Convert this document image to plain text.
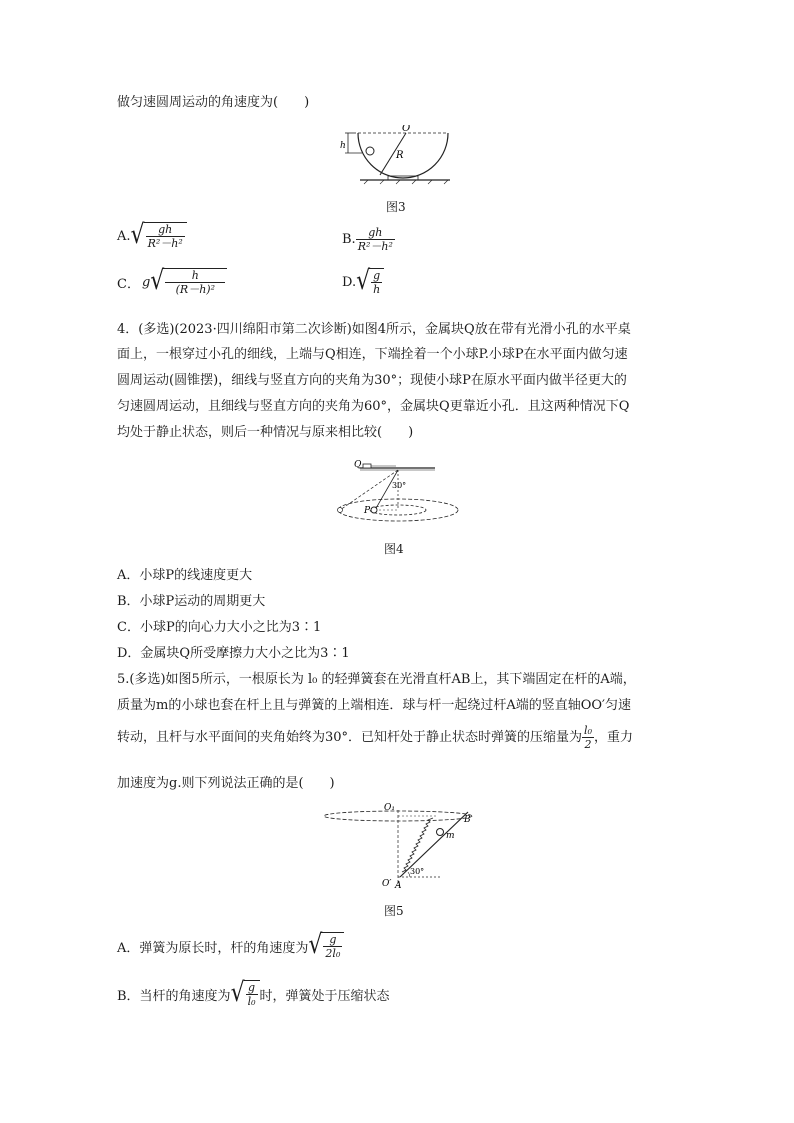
做匀速圆周运动的角速度为(　　)
O
h
R
图3
A. √ $\frac{gh}{\text{R²－h²}}$	B. $\frac{gh}{\text{R²－h²}}$
C． g √ $\frac{h}{\text{(R－h)²}}$	D. √ $\frac{g}{h}$
4．(多选)(2023·四川绵阳市第二次诊断)如图4所示，金属块Q放在带有光滑小孔的水平桌
面上，一根穿过小孔的细线，上端与Q相连，下端拴着一个小球P.小球P在水平面内做匀速
圆周运动(圆锥摆)，细线与竖直方向的夹角为30°；现使小球P在原水平面内做半径更大的
匀速圆周运动，且细线与竖直方向的夹角为60°，金属块Q更靠近小孔．且这两种情况下Q
均处于静止状态，则后一种情况与原来相比较(　　)
Q
P
30°
图4
A．小球P的线速度更大
B．小球P运动的周期更大
C．小球P的向心力大小之比为3∶1
D．金属块Q所受摩擦力大小之比为3∶1
5.(多选)如图5所示，一根原长为 l₀ 的轻弹簧套在光滑直杆AB上，其下端固定在杆的A端，
质量为m的小球也套在杆上且与弹簧的上端相连．球与杆一起绕过杆A端的竖直轴OO′匀速
转动，且杆与水平面间的夹角始终为30°．已知杆处于静止状态时弹簧的压缩量为 $\frac{\text{l₀}}{2}$ ，重力
加速度为g.则下列说法正确的是(　　)
O₁
B
m
O′ A
30°
图5
A．弹簧为原长时，杆的角速度为 √ $\frac{g}{\text{2l₀}}$
B．当杆的角速度为 √ $\frac{g}{\text{l₀}}$ 时，弹簧处于压缩状态
